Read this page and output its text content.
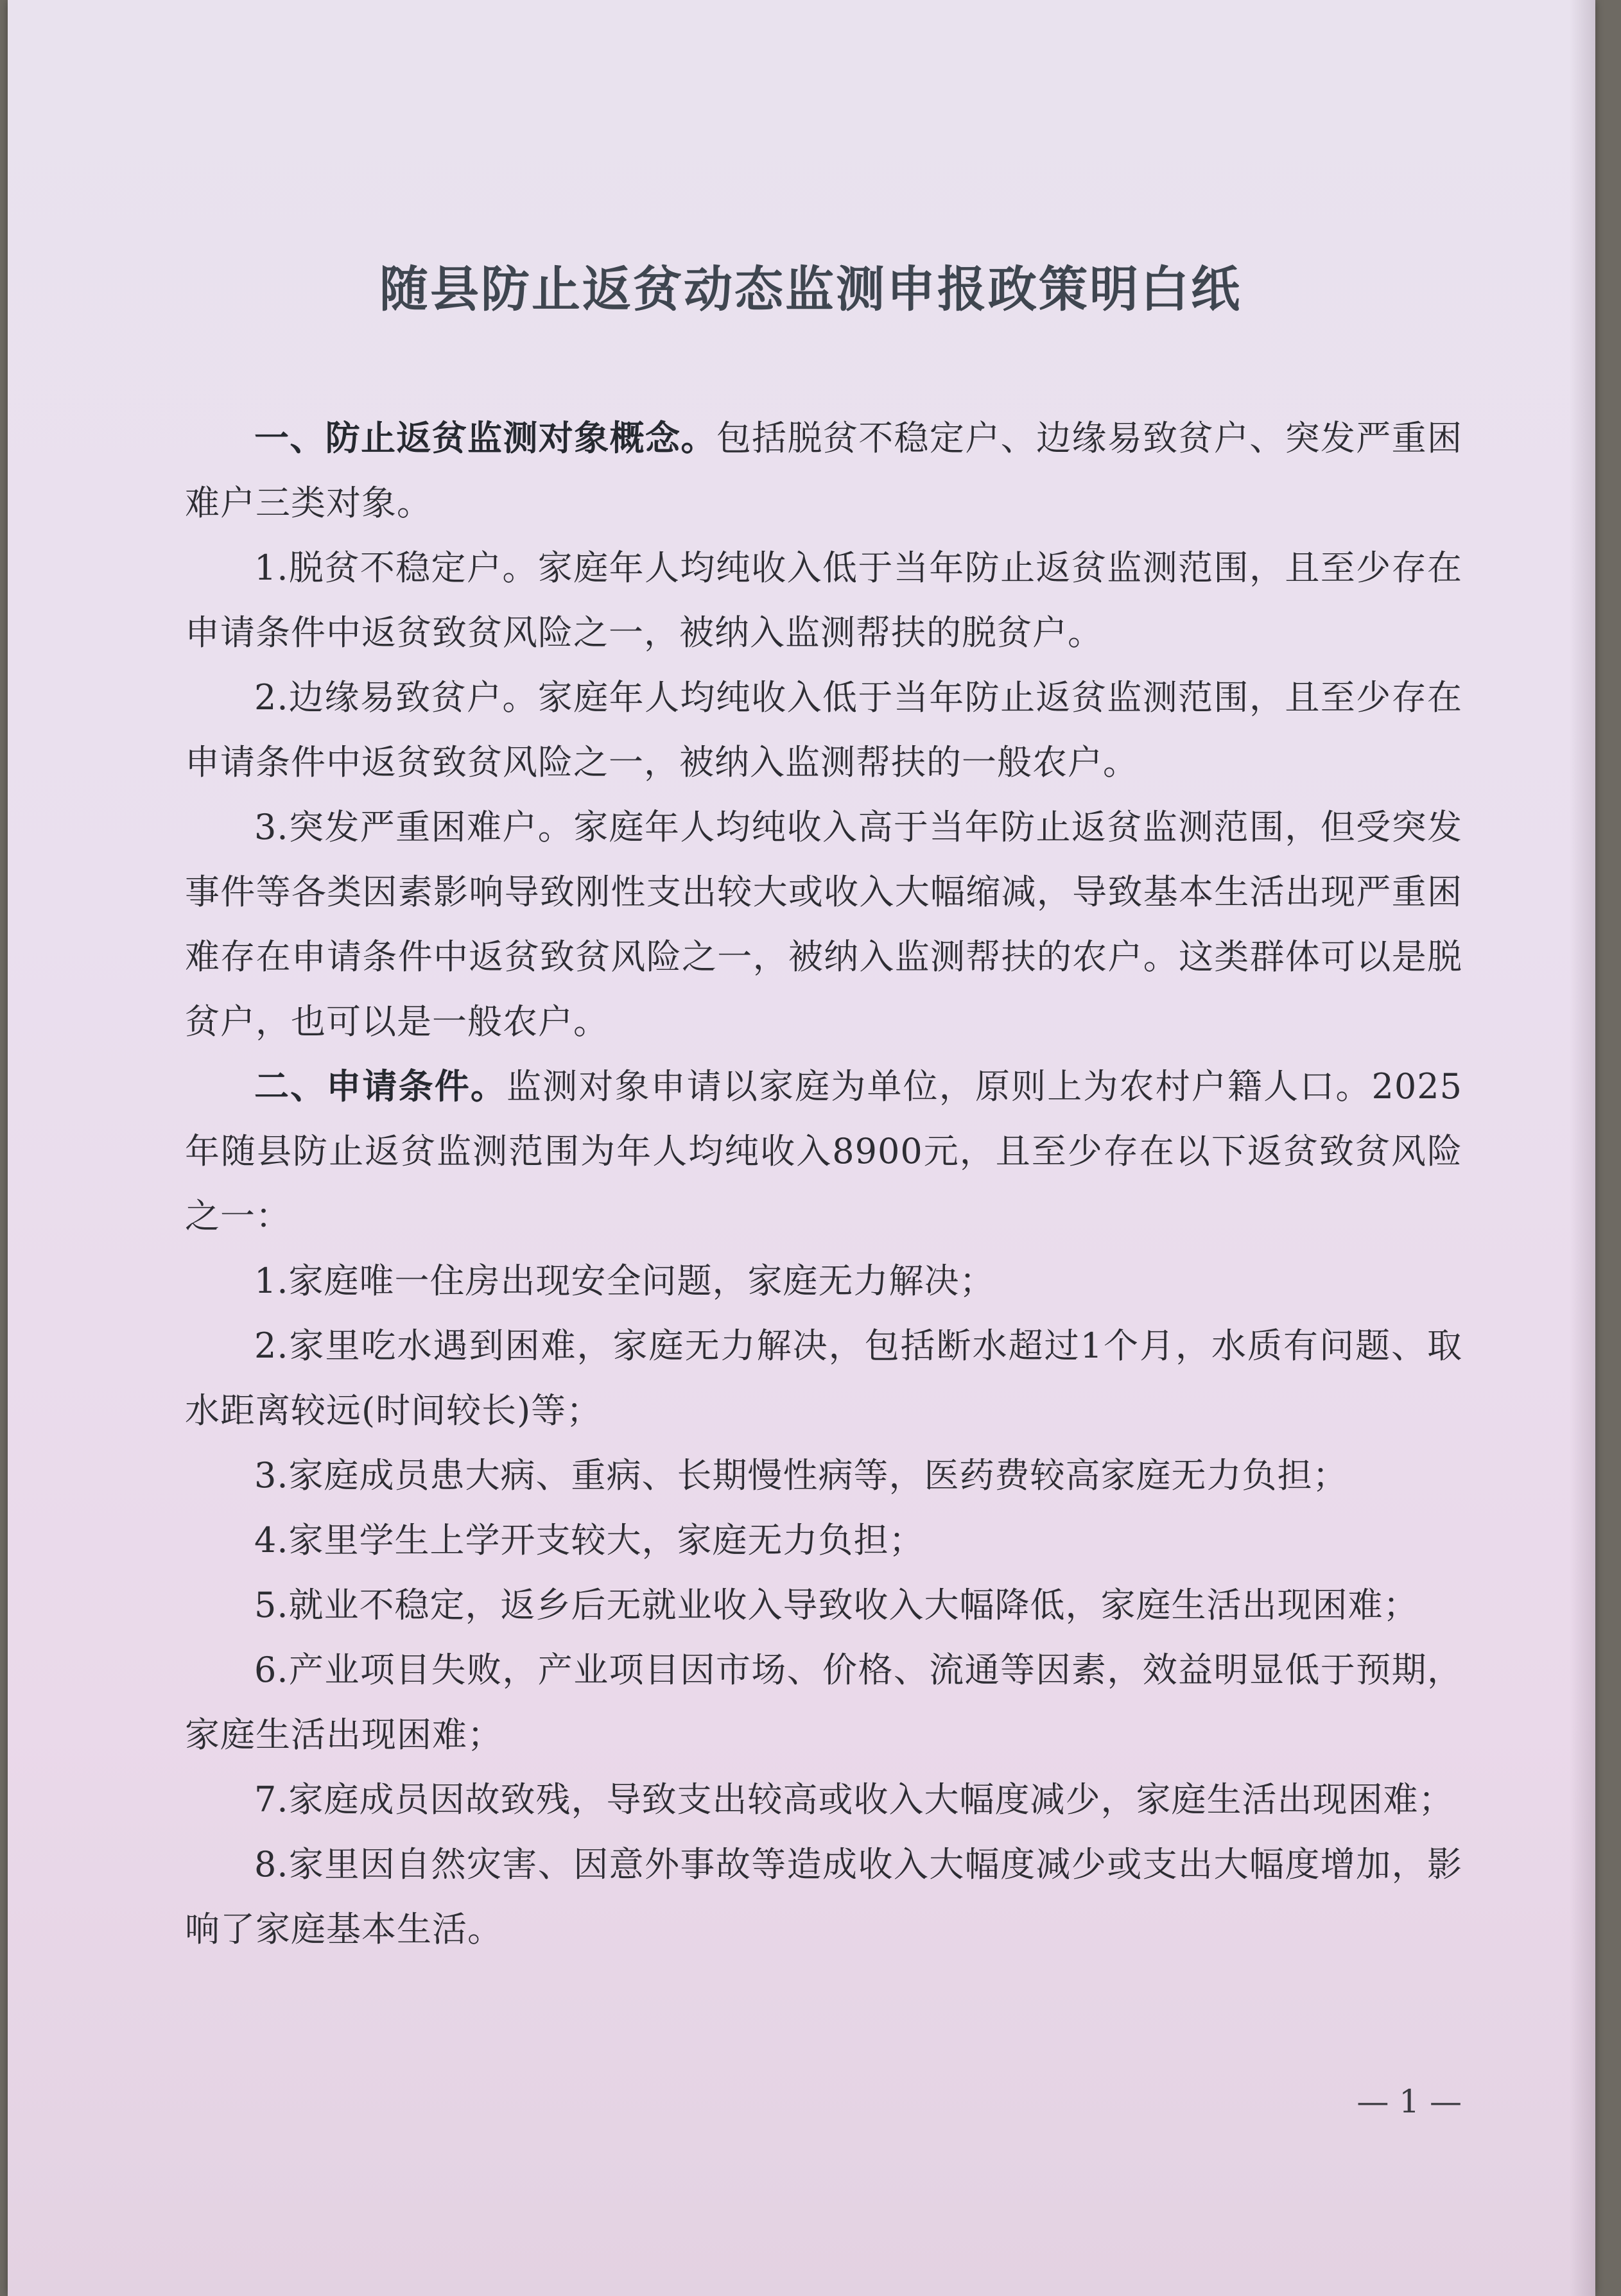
随县防止返贫动态监测申报政策明白纸

一、防止返贫监测对象概念。包括脱贫不稳定户、边缘易致贫户、突发严重困难户三类对象。

1.脱贫不稳定户。家庭年人均纯收入低于当年防止返贫监测范围，且至少存在申请条件中返贫致贫风险之一，被纳入监测帮扶的脱贫户。

2.边缘易致贫户。家庭年人均纯收入低于当年防止返贫监测范围，且至少存在申请条件中返贫致贫风险之一，被纳入监测帮扶的一般农户。

3.突发严重困难户。家庭年人均纯收入高于当年防止返贫监测范围，但受突发事件等各类因素影响导致刚性支出较大或收入大幅缩减，导致基本生活出现严重困难存在申请条件中返贫致贫风险之一，被纳入监测帮扶的农户。这类群体可以是脱贫户，也可以是一般农户。

二、申请条件。监测对象申请以家庭为单位，原则上为农村户籍人口。2025年随县防止返贫监测范围为年人均纯收入8900元，且至少存在以下返贫致贫风险之一：

1.家庭唯一住房出现安全问题，家庭无力解决；

2.家里吃水遇到困难，家庭无力解决，包括断水超过1个月，水质有问题、取水距离较远(时间较长)等；

3.家庭成员患大病、重病、长期慢性病等，医药费较高家庭无力负担；

4.家里学生上学开支较大，家庭无力负担；

5.就业不稳定，返乡后无就业收入导致收入大幅降低，家庭生活出现困难；

6.产业项目失败，产业项目因市场、价格、流通等因素，效益明显低于预期，家庭生活出现困难；

7.家庭成员因故致残，导致支出较高或收入大幅度减少，家庭生活出现困难；

8.家里因自然灾害、因意外事故等造成收入大幅度减少或支出大幅度增加，影响了家庭基本生活。

— 1 —
